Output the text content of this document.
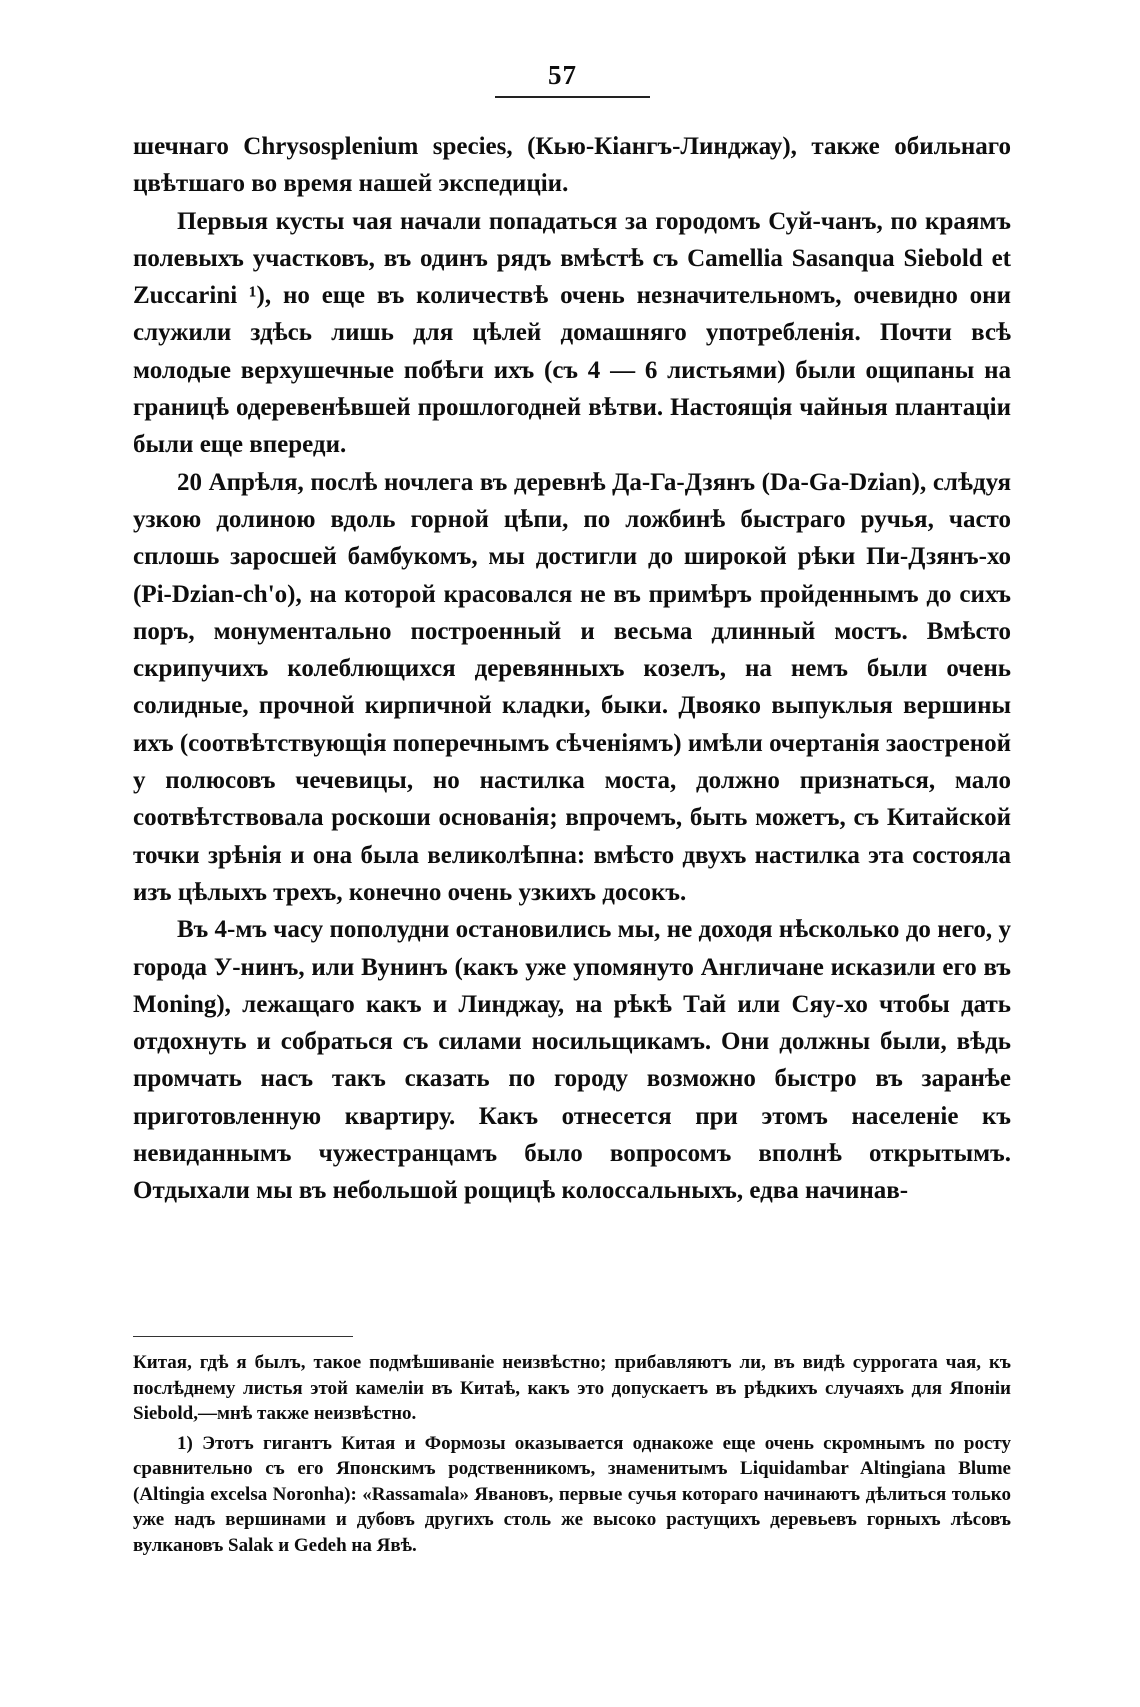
57

шечнаго Chrysosplenium species, (Кью-Кіангъ-Линджау), также обильнаго цвѣтшаго во время нашей экспедиціи.

Первыя кусты чая начали попадаться за городомъ Суй-чанъ, по краямъ полевыхъ участковъ, въ одинъ рядъ вмѣстѣ съ Camellia Sasanqua Siebold et Zuccarini ¹), но еще въ количествѣ очень незначительномъ, очевидно они служили здѣсь лишь для цѣлей домашняго употребленія. Почти всѣ молодые верхушечные побѣги ихъ (съ 4 — 6 листьями) были ощипаны на границѣ одеревенѣвшей прошлогодней вѣтви. Настоящія чайныя плантаціи были еще впереди.

20 Апрѣля, послѣ ночлега въ деревнѣ Да-Га-Дзянъ (Da-Ga-Dzian), слѣдуя узкою долиною вдоль горной цѣпи, по ложбинѣ быстраго ручья, часто сплошь заросшей бамбукомъ, мы достигли до широкой рѣки Пи-Дзянъ-хо (Pi-Dzian-ch'o), на которой красовался не въ примѣръ пройденнымъ до сихъ поръ, монументально построенный и весьма длинный мостъ. Вмѣсто скрипучихъ колеблющихся деревянныхъ козелъ, на немъ были очень солидные, прочной кирпичной кладки, быки. Двояко выпуклыя вершины ихъ (соотвѣтствующія поперечнымъ сѣченіямъ) имѣли очертанія заостреной у полюсовъ чечевицы, но настилка моста, должно признаться, мало соотвѣтствовала роскоши основанія; впрочемъ, быть можетъ, съ Китайской точки зрѣнія и она была великолѣпна: вмѣсто двухъ настилка эта состояла изъ цѣлыхъ трехъ, конечно очень узкихъ досокъ.

Въ 4-мъ часу пополудни остановились мы, не доходя нѣсколько до него, у города У-нинъ, или Вунинъ (какъ уже упомянуто Англичане исказили его въ Moning), лежащаго какъ и Линджау, на рѣкѣ Тай или Сяу-хо чтобы дать отдохнуть и собраться съ силами носильщикамъ. Они должны были, вѣдь промчать насъ такъ сказать по городу возможно быстро въ заранѣе приготовленную квартиру. Какъ отнесется при этомъ населеніе къ невиданнымъ чужестранцамъ было вопросомъ вполнѣ открытымъ. Отдыхали мы въ небольшой рощицѣ колоссальныхъ, едва начинав-

Китая, гдѣ я былъ, такое подмѣшиваніе неизвѣстно; прибавляютъ ли, въ видѣ суррогата чая, къ послѣднему листья этой камеліи въ Китаѣ, какъ это допускаетъ въ рѣдкихъ случаяхъ для Японіи Siebold,—мнѣ также неизвѣстно.

1) Этотъ гигантъ Китая и Формозы оказывается однакоже еще очень скромнымъ по росту сравнительно съ его Японскимъ родственникомъ, знаменитымъ Liquidambar Altingiana Blume (Altingia excelsa Noronha): «Rassamala» Явановъ, первые сучья котораго начинаютъ дѣлиться только уже надъ вершинами и дубовъ другихъ столь же высоко растущихъ деревьевъ горныхъ лѣсовъ вулкановъ Salak и Gedeh на Явѣ.
